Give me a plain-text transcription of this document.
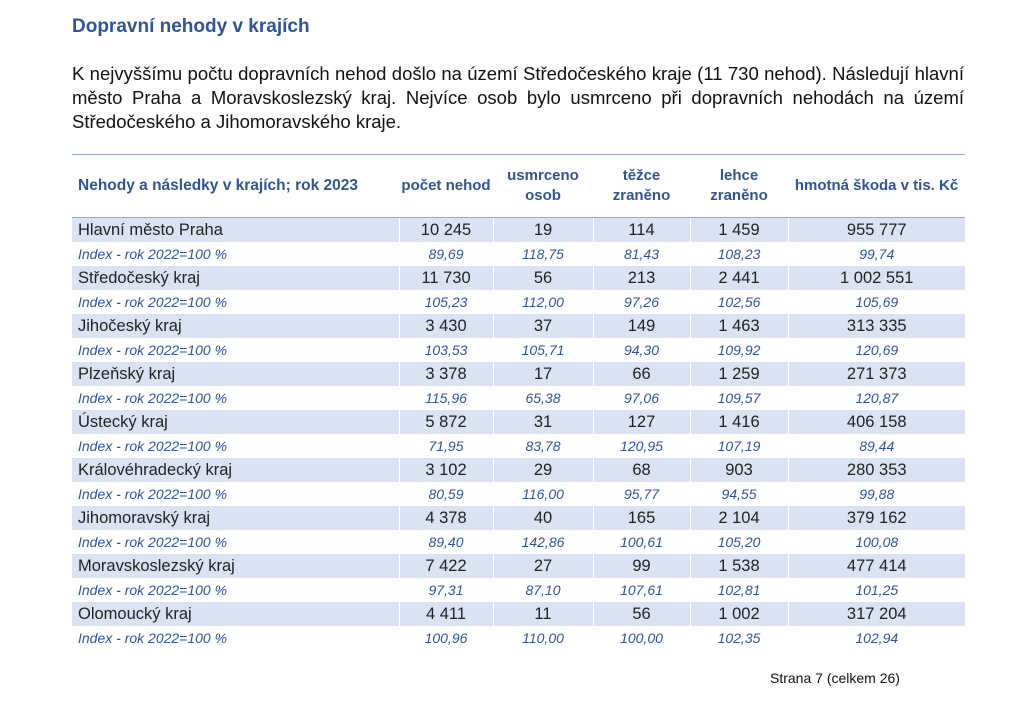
Dopravní nehody v krajích

K nejvyššímu počtu dopravních nehod došlo na území Středočeského kraje (11 730 nehod). Následují hlavní město Praha a Moravskoslezský kraj. Nejvíce osob bylo usmrceno při dopravních nehodách na území Středočeského a Jihomoravského kraje.

Nehody a následky v krajích; rok 2023	počet nehod	usmrceno osob	těžce zraněno	lehce zraněno	hmotná škoda v tis. Kč
Hlavní město Praha	10 245	19	114	1 459	955 777
Index - rok 2022=100 %	89,69	118,75	81,43	108,23	99,74
Středočeský kraj	11 730	56	213	2 441	1 002 551
Index - rok 2022=100 %	105,23	112,00	97,26	102,56	105,69
Jihočeský kraj	3 430	37	149	1 463	313 335
Index - rok 2022=100 %	103,53	105,71	94,30	109,92	120,69
Plzeňský kraj	3 378	17	66	1 259	271 373
Index - rok 2022=100 %	115,96	65,38	97,06	109,57	120,87
Ústecký kraj	5 872	31	127	1 416	406 158
Index - rok 2022=100 %	71,95	83,78	120,95	107,19	89,44
Královéhradecký kraj	3 102	29	68	903	280 353
Index - rok 2022=100 %	80,59	116,00	95,77	94,55	99,88
Jihomoravský kraj	4 378	40	165	2 104	379 162
Index - rok 2022=100 %	89,40	142,86	100,61	105,20	100,08
Moravskoslezský kraj	7 422	27	99	1 538	477 414
Index - rok 2022=100 %	97,31	87,10	107,61	102,81	101,25
Olomoucký kraj	4 411	11	56	1 002	317 204
Index - rok 2022=100 %	100,96	110,00	100,00	102,35	102,94
Strana 7 (celkem 26)
